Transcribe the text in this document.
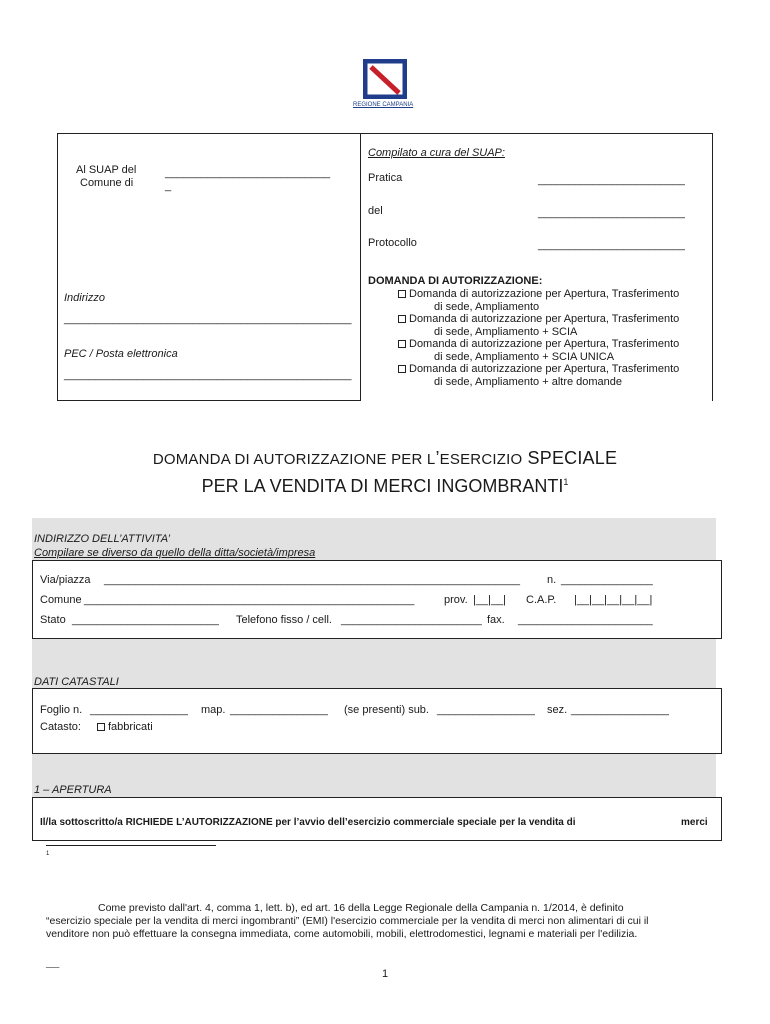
REGIONE CAMPANIA
Al SUAP del
Comune di
___________________________
_
Indirizzo
_______________________________________________
PEC / Posta elettronica
_______________________________________________
Compilato a cura del SUAP:
Pratica	________________________
del	________________________
Protocollo	________________________
DOMANDA DI AUTORIZZAZIONE:
Domanda di autorizzazione per Apertura, Trasferimento
di sede, Ampliamento
Domanda di autorizzazione per Apertura, Trasferimento
di sede, Ampliamento + SCIA
Domanda di autorizzazione per Apertura, Trasferimento
di sede, Ampliamento + SCIA UNICA
Domanda di autorizzazione per Apertura, Trasferimento
di sede, Ampliamento + altre domande
DOMANDA DI AUTORIZZAZIONE PER L’ESERCIZIO SPECIALE
PER LA VENDITA DI MERCI INGOMBRANTI$^1$
INDIRIZZO DELL’ATTIVITA’
Compilare se diverso da quello della ditta/società/impresa
Via/piazza ____________________________________________________________________ n. _______________
Comune ______________________________________________________	prov. |__|__| C.A.P. |__|__|__|__|__|
Stato ________________________ Telefono fisso / cell. _______________________ fax. ______________________
DATI CATASTALI
Foglio n. ________________ map. ________________ (se presenti) sub. ________________ sez. ________________
Catasto:	fabbricati
1 – APERTURA
Il/la sottoscritto/a RICHIEDE L’AUTORIZZAZIONE per l’avvio dell’esercizio commerciale speciale per la vendita di	merci
1
Come previsto dall'art. 4, comma 1, lett. b), ed art. 16 della Legge Regionale della Campania n. 1/2014, è definito
“esercizio speciale per la vendita di merci ingombranti” (EMI) l'esercizio commerciale per la vendita di merci non alimentari di cui il
venditore non può effettuare la consegna immediata, come automobili, mobili, elettrodomestici, legnami e materiali per l'edilizia.
___
1
